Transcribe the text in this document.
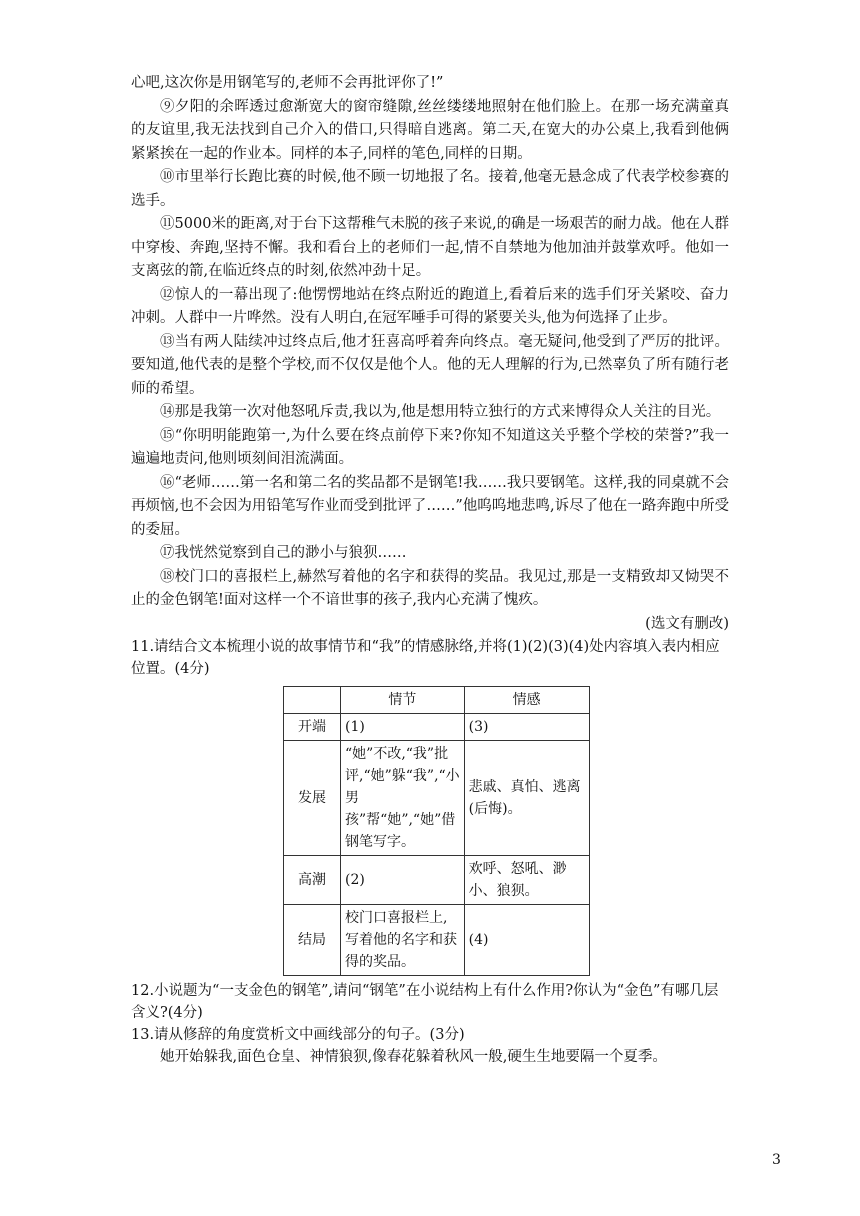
心吧,这次你是用钢笔写的,老师不会再批评你了!”

⑨夕阳的余晖透过愈渐宽大的窗帘缝隙,丝丝缕缕地照射在他们脸上。在那一场充满童真的友谊里,我无法找到自己介入的借口,只得暗自逃离。第二天,在宽大的办公桌上,我看到他俩紧紧挨在一起的作业本。同样的本子,同样的笔色,同样的日期。

⑩市里举行长跑比赛的时候,他不顾一切地报了名。接着,他毫无悬念成了代表学校参赛的选手。

⑪5000米的距离,对于台下这帮稚气未脱的孩子来说,的确是一场艰苦的耐力战。他在人群中穿梭、奔跑,坚持不懈。我和看台上的老师们一起,情不自禁地为他加油并鼓掌欢呼。他如一支离弦的箭,在临近终点的时刻,依然冲劲十足。

⑫惊人的一幕出现了:他愣愣地站在终点附近的跑道上,看着后来的选手们牙关紧咬、奋力冲刺。人群中一片哗然。没有人明白,在冠军唾手可得的紧要关头,他为何选择了止步。

⑬当有两人陆续冲过终点后,他才狂喜高呼着奔向终点。毫无疑问,他受到了严厉的批评。要知道,他代表的是整个学校,而不仅仅是他个人。他的无人理解的行为,已然辜负了所有随行老师的希望。

⑭那是我第一次对他怒吼斥责,我以为,他是想用特立独行的方式来博得众人关注的目光。

⑮“你明明能跑第一,为什么要在终点前停下来?你知不知道这关乎整个学校的荣誉?”我一遍遍地责问,他则顷刻间泪流满面。

⑯“老师……第一名和第二名的奖品都不是钢笔!我……我只要钢笔。这样,我的同桌就不会再烦恼,也不会因为用铅笔写作业而受到批评了……”他呜呜地悲鸣,诉尽了他在一路奔跑中所受的委屈。

⑰我恍然觉察到自己的渺小与狼狈……

⑱校门口的喜报栏上,赫然写着他的名字和获得的奖品。我见过,那是一支精致却又恸哭不止的金色钢笔!面对这样一个不谙世事的孩子,我内心充满了愧疚。

(选文有删改)

11.请结合文本梳理小说的故事情节和“我”的情感脉络,并将(1)(2)(3)(4)处内容填入表内相应位置。(4分)

	情节	情感
开端	(1)	(3)
发展	“她”不改,“我”批评,“她”躲“我”,“小男孩”帮“她”,“她”借钢笔写字。	悲戚、真怕、逃离(后悔)。
高潮	(2)	欢呼、怒吼、渺小、狼狈。
结局	校门口喜报栏上,写着他的名字和获得的奖品。	(4)

12.小说题为“一支金色的钢笔”,请问“钢笔”在小说结构上有什么作用?你认为“金色”有哪几层含义?(4分)

13.请从修辞的角度赏析文中画线部分的句子。(3分)

她开始躲我,面色仓皇、神情狼狈,像春花躲着秋风一般,硬生生地要隔一个夏季。

3
